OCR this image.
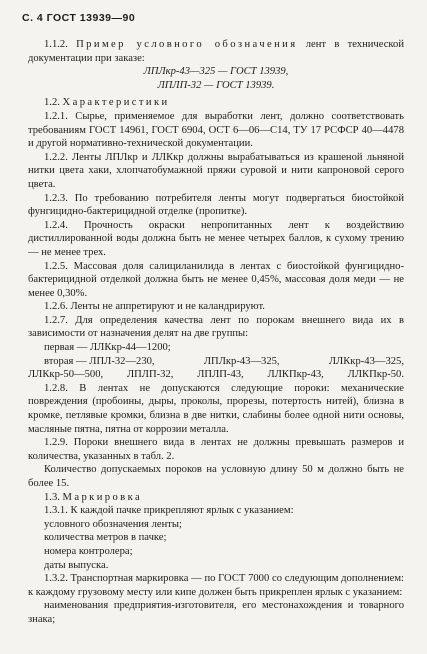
С. 4 ГОСТ 13939—90

1.1.2. Пример условного обозначения лент в технической документации при заказе:

ЛПЛкр-43—325 — ГОСТ 13939,

ЛПЛП-32 — ГОСТ 13939.

1.2. Характеристики

1.2.1. Сырье, применяемое для выработки лент, должно соответствовать требованиям ГОСТ 14961, ГОСТ 6904, ОСТ 6—06—С14, ТУ 17 РСФСР 40—4478 и другой нормативно-технической документации.

1.2.2. Ленты ЛПЛкр и ЛЛКкр должны вырабатываться из крашеной льняной нитки цвета хаки, хлопчатобумажной пряжи суровой и нити капроновой серого цвета.

1.2.3. По требованию потребителя ленты могут подвергаться биостойкой фунгицидно-бактерицидной отделке (пропитке).

1.2.4. Прочность окраски непропитанных лент к воздействию дистиллированной воды должна быть не менее четырех баллов, к сухому трению — не менее трех.

1.2.5. Массовая доля салициланилида в лентах с биостойкой фунгицидно-бактерицидной отделкой должна быть не менее 0,45%, массовая доля меди — не менее 0,30%.

1.2.6. Ленты не аппретируют и не каландрируют.

1.2.7. Для определения качества лент по порокам внешнего вида их в зависимости от назначения делят на две группы:

первая — ЛЛКкр-44—1200;

вторая — ЛПЛ-32—230,	ЛПЛкр-43—325,	ЛЛКкр-43—325,
ЛЛКкр-50—500, ЛПЛП-32, ЛПЛП-43, ЛЛКПкр-43, ЛЛКПкр-50.

1.2.8. В лентах не допускаются следующие пороки: механические повреждения (пробоины, дыры, проколы, прорезы, потертость нитей), близна в кромке, петлявые кромки, близна в две нитки, слабины более одной нити основы, масляные пятна, пятна от коррозии металла.

1.2.9. Пороки внешнего вида в лентах не должны превышать размеров и количества, указанных в табл. 2.

Количество допускаемых пороков на условную длину 50 м должно быть не более 15.

1.3. Маркировка

1.3.1. К каждой пачке прикрепляют ярлык с указанием:

условного обозначения ленты;

количества метров в пачке;

номера контролера;

даты выпуска.

1.3.2. Транспортная маркировка — по ГОСТ 7000 со следующим дополнением: к каждому грузовому месту или кипе должен быть прикреплен ярлык с указанием:

наименования предприятия-изготовителя, его местонахождения и товарного знака;
